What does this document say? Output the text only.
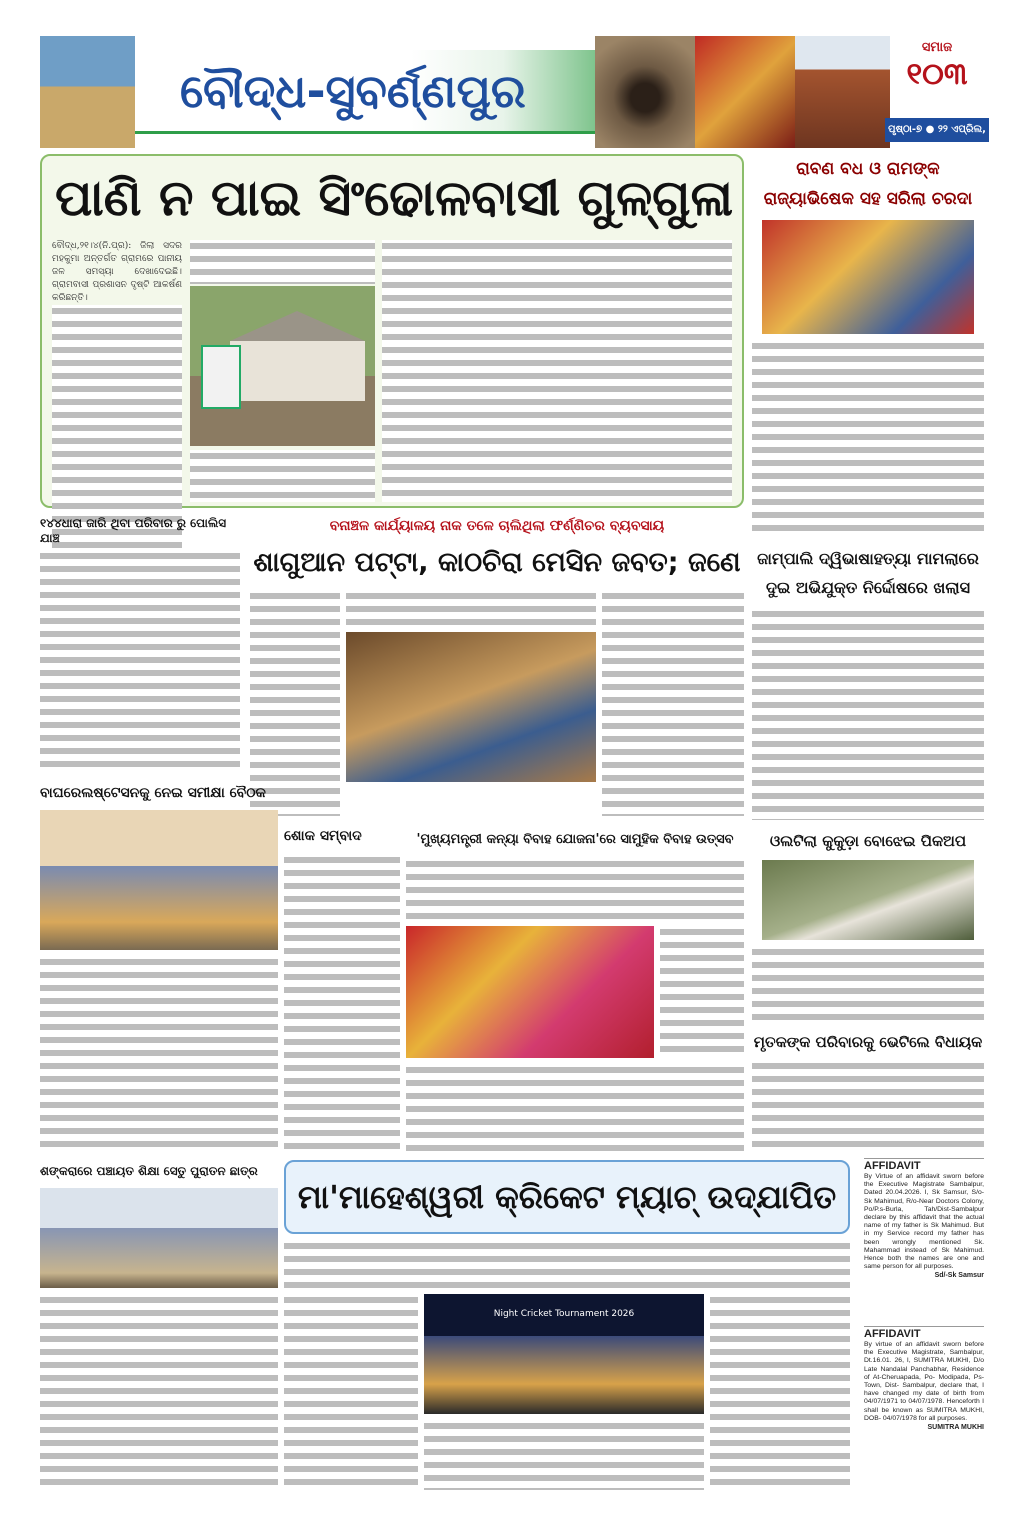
ବୌଦ୍ଧ-ସୁବର୍ଣ୍ଣପୁର
ସମାଜ
୧୦୩
ପୃଷ୍ଠା-୭ ● ୨୨ ଏପ୍ରିଲ, ୨୦୨୬
ପାଣି ନ ପାଇ ସିଂଢୋଳବାସୀ ଗୁଳ୍‌ଗୁଳା
ବୌଦ୍ଧ,୨୧।୪(ନି.ପ୍ର): ଜିଲା ସଦର ମହକୁମା ଅନ୍ତର୍ଗତ ଗ୍ରାମରେ ପାନୀୟ ଜଳ ସମସ୍ୟା ଦେଖାଦେଇଛି। ଗ୍ରାମବାସୀ ପ୍ରଶାସନ ଦୃଷ୍ଟି ଆକର୍ଷଣ କରିଛନ୍ତି।
ରାବଣ ବଧ ଓ ରାମଙ୍କ ରାଜ୍ୟାଭିଷେକ ସହ ସରିଲା ଚରଦା
୧୪୪ଧାରା ଜାରି ଥିବା ପରିବାର ରୁ ପୋଲିସ ଯାଞ୍ଚ
ବନାଞ୍ଚଳ କାର୍ଯ୍ୟାଳୟ ନାକ ତଳେ ଚାଲିଥିଲା ଫର୍ଣ୍ଣିଚର ବ୍ୟବସାୟ
ଶାଗୁଆନ ପଟ୍ଟା, କାଠଚିରା ମେସିନ ଜବତ; ଜଣେ	ଜାମ୍ପାଲି ଦ୍ୱିଭାଷାହତ୍ୟା ମାମଲାରେ ଦୁଇ ଅଭିଯୁକ୍ତ ନିର୍ଦ୍ଦୋଷରେ ଖଲାସ
ବାଘରେଲଷ୍ଟେସନକୁ ନେଇ ସମୀକ୍ଷା ବୈଠକ
ଶୋକ ସମ୍ବାଦ	'ମୁଖ୍ୟମନ୍ତ୍ରୀ କନ୍ୟା ବିବାହ ଯୋଜନା'ରେ ସାମୁହିକ ବିବାହ ଉତ୍ସବ	ଓଲଟିଲା କୁକୁଡ଼ା ବୋଝେଇ ପିକଅପ
ମୃତକଙ୍କ ପରିବାରକୁ ଭେଟିଲେ ବିଧାୟକ
ଶଙ୍କରାରେ ପଞ୍ଚାୟତ ଶିକ୍ଷା ସେତୁ ପୁରାତନ ଛାତ୍ର
ମା'ମାହେଶ୍ୱରୀ କ୍ରିକେଟ ମ୍ୟାଚ୍ ଉଦ୍‌ଯାପିତ
Night Cricket Tournament 2026
AFFIDAVIT
By Virtue of an affidavit sworn before the Executive Magistrate Sambalpur, Dated 20.04.2026. I, Sk Samsur, S/o-Sk Mahimud, R/o-Near Doctors Colony, Po/P.s-Burla, Tah/Dist-Sambalpur declare by this affidavit that the actual name of my father is Sk Mahimud. But in my Service record my father has been wrongly mentioned Sk. Mahammad instead of Sk Mahimud. Hence both the names are one and same person for all purposes.
Sd/-Sk Samsur
AFFIDAVIT
By virtue of an affidavit sworn before the Executive Magistrate, Sambalpur, Dt.16.01. 26, I, SUMITRA MUKHI, D/o Late Nandalal Panchabhar, Residence of At-Cheruapada, Po- Modipada, Ps-Town, Dist- Sambalpur, declare that, I have changed my date of birth from 04/07/1971 to 04/07/1978. Henceforth I shall be known as SUMITRA MUKHI, DOB- 04/07/1978 for all purposes.
SUMITRA MUKHI
